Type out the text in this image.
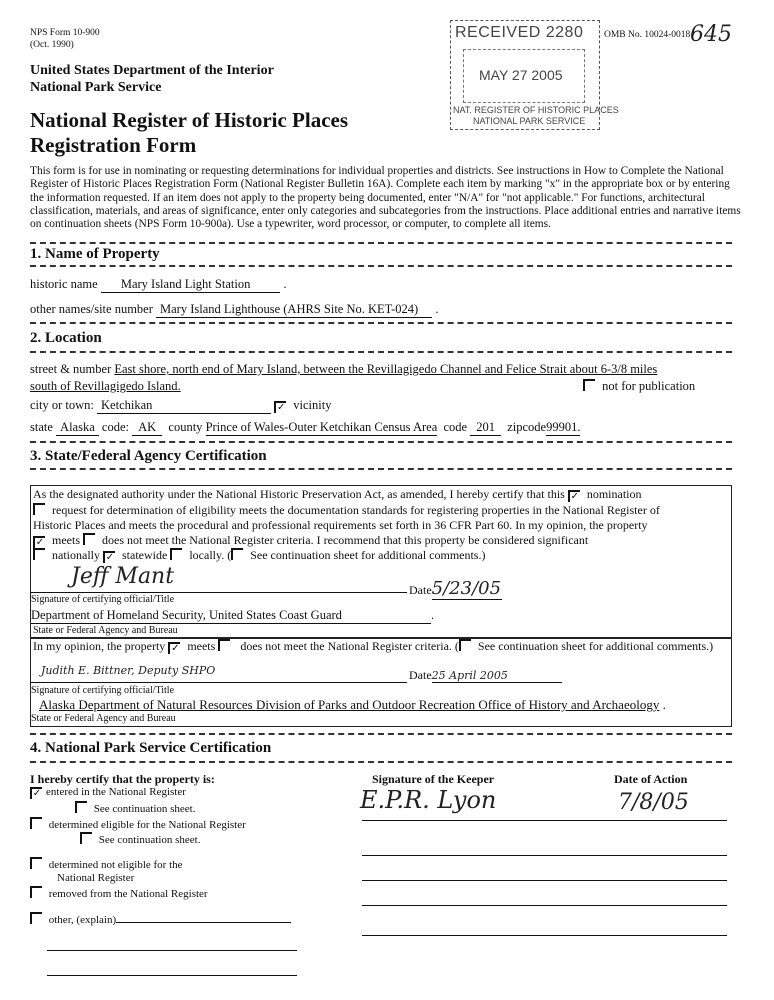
NPS Form 10-900
(Oct. 1990)
United States Department of the Interior
National Park Service
National Register of Historic Places
Registration Form
RECEIVED 2280
MAY 27 2005
NAT. REGISTER OF HISTORIC PLACES
NATIONAL PARK SERVICE
OMB No. 10024-0018 645
This form is for use in nominating or requesting determinations for individual properties and districts. See instructions in How to Complete the National Register of Historic Places Registration Form (National Register Bulletin 16A). Complete each item by marking "x" in the appropriate box or by entering the information requested. If an item does not apply to the property being documented, enter "N/A" for "not applicable." For functions, architectural classification, materials, and areas of significance, enter only categories and subcategories from the instructions. Place additional entries and narrative items on continuation sheets (NPS Form 10-900a). Use a typewriter, word processor, or computer, to complete all items.
1. Name of Property
historic name Mary Island Light Station .
other names/site number Mary Island Lighthouse (AHRS Site No. KET-024) .
2. Location
street & number East shore, north end of Mary Island, between the Revillagigedo Channel and Felice Strait about 6-3/8 miles
south of Revillagigedo Island.	not for publication
city or town: Ketchikan	✓ vicinity
state Alaska code: AK county Prince of Wales-Outer Ketchikan Census Area code 201 zipcode99901.
3. State/Federal Agency Certification
As the designated authority under the National Historic Preservation Act, as amended, I hereby certify that this ✓ nomination
request for determination of eligibility meets the documentation standards for registering properties in the National Register of
Historic Places and meets the procedural and professional requirements set forth in 36 CFR Part 60. In my opinion, the property
✓ meets does not meet the National Register criteria. I recommend that this property be considered significant
nationally ✓ statewide locally. ( See continuation sheet for additional comments.)
Jeff Mant
Date5/23/05
Signature of certifying official/Title
Department of Homeland Security, United States Coast Guard	.
State or Federal Agency and Bureau
In my opinion, the property ✓ meets does not meet the National Register criteria. ( See continuation sheet for additional comments.)
Judith E. Bittner, Deputy SHPO	Date25 April 2005
Signature of certifying official/Title
Alaska Department of Natural Resources Division of Parks and Outdoor Recreation Office of History and Archaeology .
State or Federal Agency and Bureau
4. National Park Service Certification
I hereby certify that the property is:
✓ entered in the National Register
See continuation sheet.
determined eligible for the National Register
See continuation sheet.
determined not eligible for the
National Register
removed from the National Register
other, (explain)
Signature of the Keeper	Date of Action
E.P.R. Lyon	7/8/05
